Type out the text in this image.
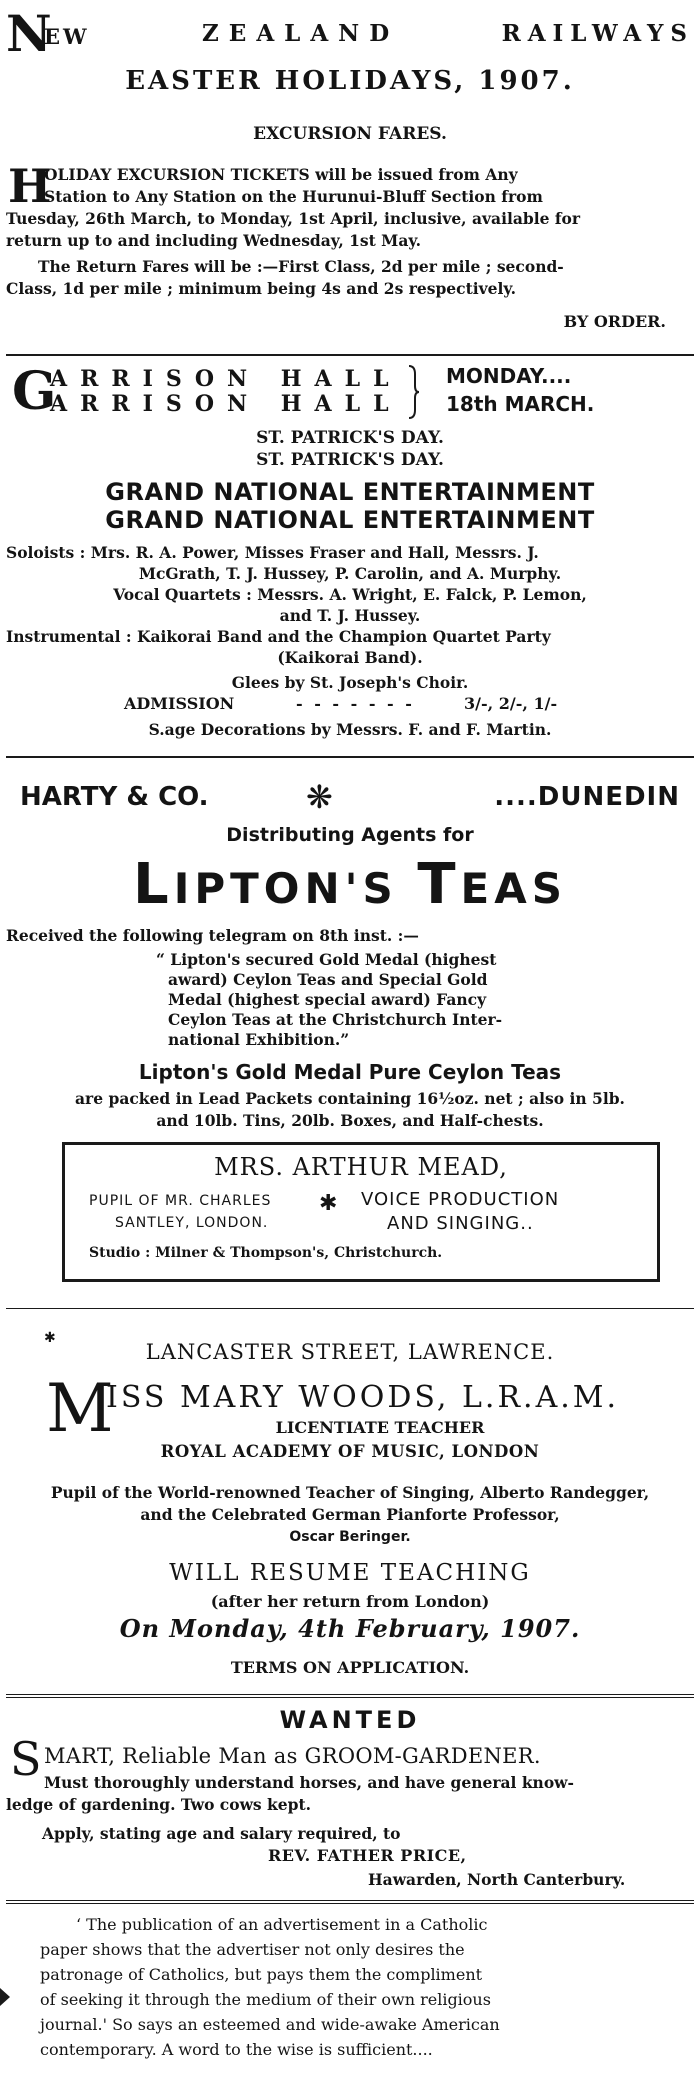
N
EW	ZEALAND	RAILWAYS
EASTER HOLIDAYS, 1907.
EXCURSION FARES.
H
OLIDAY EXCURSION TICKETS will be issued from Any
Station to Any Station on the Hurunui-Bluff Section from
Tuesday, 26th March, to Monday, 1st April, inclusive, available for
return up to and including Wednesday, 1st May.
The Return Fares will be :—First Class, 2d per mile ; second-
Class, 1d per mile ; minimum being 4s and 2s respectively.
BY ORDER.
G
ARRISON HALL
ARRISON HALL
MONDAY....
18th MARCH.
ST. PATRICK'S DAY.
ST. PATRICK'S DAY.
GRAND NATIONAL ENTERTAINMENT
GRAND NATIONAL ENTERTAINMENT
Soloists : Mrs. R. A. Power, Misses Fraser and Hall, Messrs. J.
McGrath, T. J. Hussey, P. Carolin, and A. Murphy.
Vocal Quartets : Messrs. A. Wright, E. Falck, P. Lemon,
and T. J. Hussey.
Instrumental : Kaikorai Band and the Champion Quartet Party
(Kaikorai Band).
Glees by St. Joseph's Choir.
ADMISSION	- - - - - - -	3/-, 2/-, 1/-
S.age Decorations by Messrs. F. and F. Martin.
HARTY & CO.	❋	....DUNEDIN
Distributing Agents for
LIPTON'S TEAS
Received the following telegram on 8th inst. :—
“ Lipton's secured Gold Medal (highest
award) Ceylon Teas and Special Gold
Medal (highest special award) Fancy
Ceylon Teas at the Christchurch Inter-
national Exhibition.”
Lipton's Gold Medal Pure Ceylon Teas
are packed in Lead Packets containing 16½oz. net ; also in 5lb.
and 10lb. Tins, 20lb. Boxes, and Half-chests.
MRS. ARTHUR MEAD,
PUPIL OF MR. CHARLES
SANTLEY, LONDON.
✱ VOICE PRODUCTION
AND SINGING..
Studio : Milner & Thompson's, Christchurch.
✱
LANCASTER STREET, LAWRENCE.
M
ISS MARY WOODS, L.R.A.M.
LICENTIATE TEACHER
ROYAL ACADEMY OF MUSIC, LONDON
Pupil of the World-renowned Teacher of Singing, Alberto Randegger,
and the Celebrated German Pianforte Professor,
Oscar Beringer.
WILL RESUME TEACHING
(after her return from London)
On Monday, 4th February, 1907.
TERMS ON APPLICATION.
WANTED
S MART, Reliable Man as GROOM-GARDENER.
Must thoroughly understand horses, and have general know-
ledge of gardening. Two cows kept.
Apply, stating age and salary required, to
REV. FATHER PRICE,
Hawarden, North Canterbury.
‘ The publication of an advertisement in a Catholic
paper shows that the advertiser not only desires the
patronage of Catholics, but pays them the compliment
of seeking it through the medium of their own religious
journal.' So says an esteemed and wide-awake American
contemporary. A word to the wise is sufficient....
